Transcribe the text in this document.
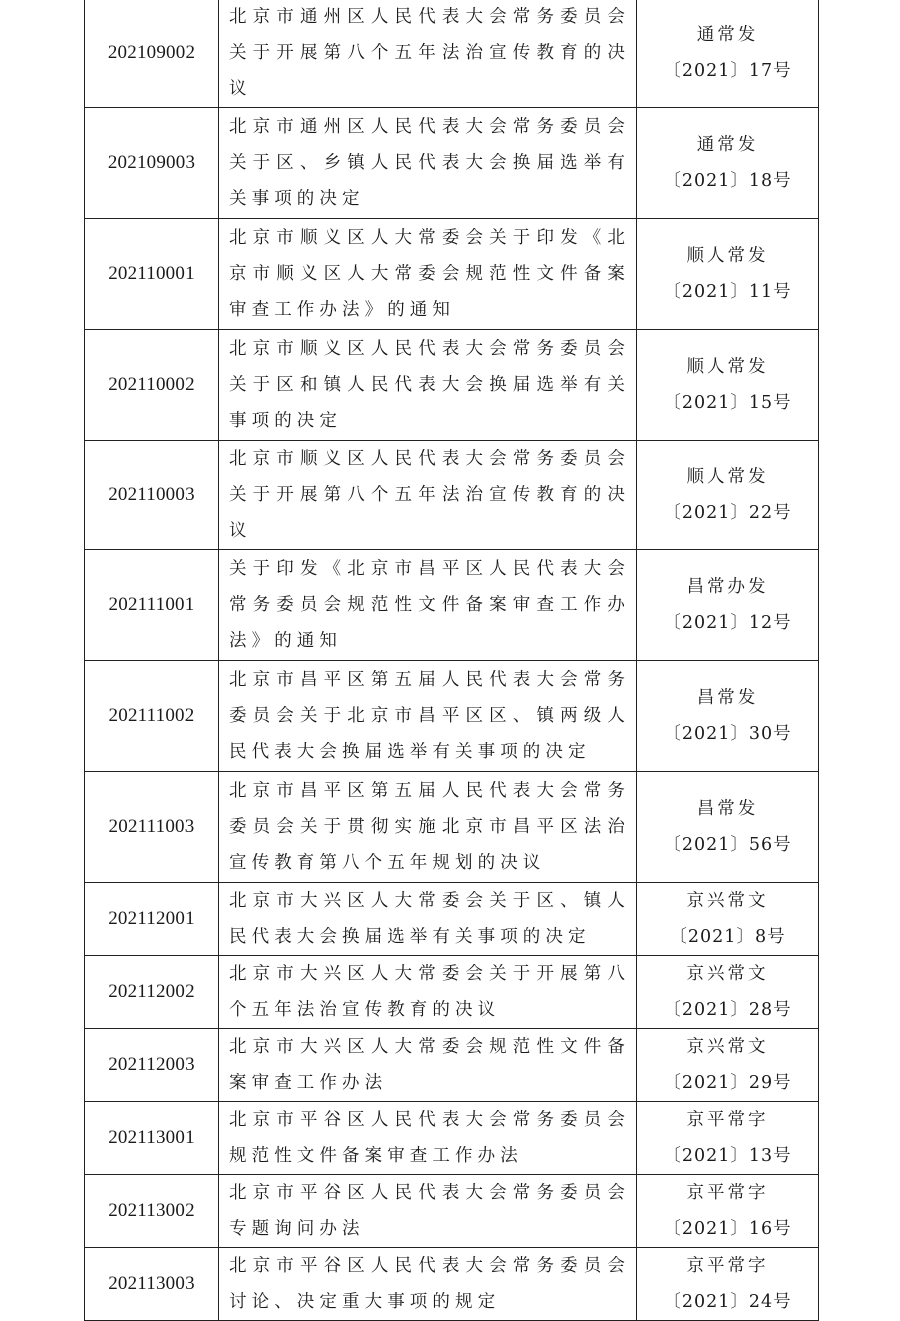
202109002	北京市通州区人民代表大会常务委员会关于开展第八个五年法治宣传教育的决议	通常发
〔2021〕17号

202109003	北京市通州区人民代表大会常务委员会关于区、乡镇人民代表大会换届选举有关事项的决定	通常发
〔2021〕18号

202110001	北京市顺义区人大常委会关于印发《北京市顺义区人大常委会规范性文件备案审查工作办法》的通知	顺人常发
〔2021〕11号

202110002	北京市顺义区人民代表大会常务委员会关于区和镇人民代表大会换届选举有关事项的决定	顺人常发
〔2021〕15号

202110003	北京市顺义区人民代表大会常务委员会关于开展第八个五年法治宣传教育的决议	顺人常发
〔2021〕22号

202111001	关于印发《北京市昌平区人民代表大会常务委员会规范性文件备案审查工作办法》的通知	昌常办发
〔2021〕12号

202111002	北京市昌平区第五届人民代表大会常务委员会关于北京市昌平区区、镇两级人民代表大会换届选举有关事项的决定	昌常发
〔2021〕30号

202111003	北京市昌平区第五届人民代表大会常务委员会关于贯彻实施北京市昌平区法治宣传教育第八个五年规划的决议	昌常发
〔2021〕56号

202112001	北京市大兴区人大常委会关于区、镇人民代表大会换届选举有关事项的决定	京兴常文
〔2021〕8号

202112002	北京市大兴区人大常委会关于开展第八个五年法治宣传教育的决议	京兴常文
〔2021〕28号

202112003	北京市大兴区人大常委会规范性文件备案审查工作办法	京兴常文
〔2021〕29号

202113001	北京市平谷区人民代表大会常务委员会规范性文件备案审查工作办法	京平常字
〔2021〕13号

202113002	北京市平谷区人民代表大会常务委员会专题询问办法	京平常字
〔2021〕16号

202113003	北京市平谷区人民代表大会常务委员会讨论、决定重大事项的规定	京平常字
〔2021〕24号
